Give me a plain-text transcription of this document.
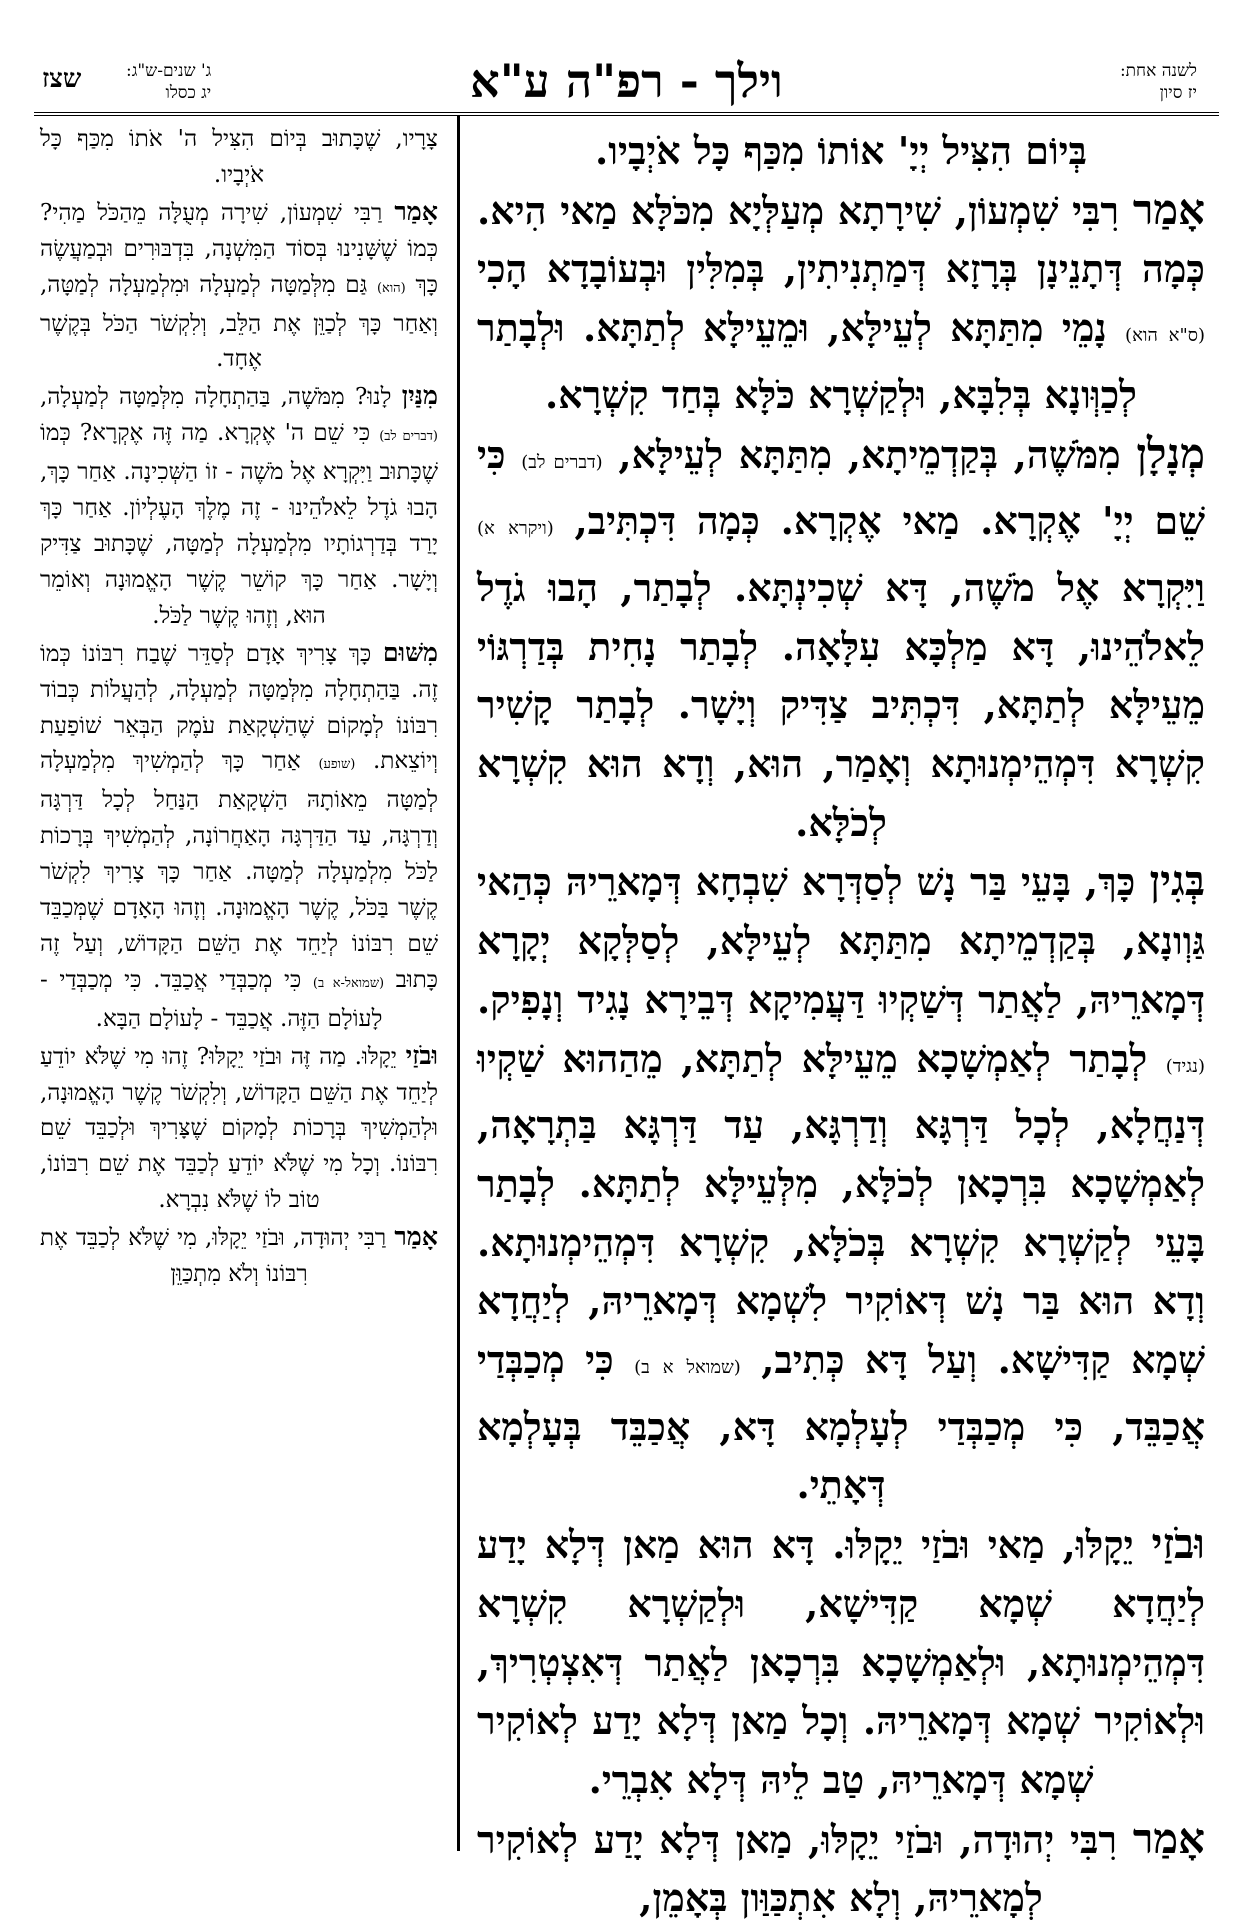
לשנה אחת:
יז סיון
וילך - רפ"ה ע"א
ג' שנים-ש"ג:
יג כסלו
שצז
בְּיוֹם הִצִּיל יְיָ' אוֹתוֹ מִכַּף כָּל אֹיְבָיו.
אָמַר רִבִּי שִׁמְעוֹן, שִׁירָתָא מְעַלְּיָא מִכֹּלָּא מַאי הִיא. כְּמָה דְּתָנֵינָן בְּרָזָא דְּמַתְנִיתִין, בְּמִלִּין וּבְעוֹבָדָא הָכִי (ס"א הוא) נָמֵי מִתַּתָּא לְעֵילָּא, וּמֵעֵילָּא לְתַתָּא. וּלְבָתַר לְכַוְּונָא בְּלִבָּא, וּלְקַשְׁרָא כֹּלָּא בְּחַד קִשְׁרָא.
מְנָלָן מִמֹּשֶׁה, בְּקַדְמֵיתָא, מִתַּתָּא לְעֵילָּא, (דברים לב) כִּי שֵׁם יְיָ' אֶקְרָא. מַאי אֶקְרָא. כְּמָה דִּכְתִּיב, (ויקרא א) וַיִּקְרָא אֶל מֹשֶׁה, דָּא שְׁכִינְתָּא. לְבָתַר, הָבוּ גֹדֶל לֵאלֹהֵינוּ, דָּא מַלְכָּא עִלָּאָה. לְבָתַר נָחִית בְּדַרְגּוֹי מֵעֵילָּא לְתַתָּא, דִּכְתִּיב צַדִּיק וְיָשָׁר. לְבָתַר קָשִׁיר קִשְׁרָא דִּמְהֵימְנוּתָא וְאָמַר, הוּא, וְדָא הוּא קִשְׁרָא לְכֹלָּא.
בְּגִין כָּךְ, בָּעֵי בַּר נָשׁ לְסַדְּרָא שִׁבְחָא דְּמָארֵיהּ כְּהַאי גַּוְונָא, בְּקַדְמֵיתָא מִתַּתָּא לְעֵילָּא, לְסַלְּקָא יְקָרָא דְּמָארֵיהּ, לַאֲתַר דְּשַׁקְיוּ דַּעֲמִיקָא דְּבֵירָא נָגִיד וְנָפִיק. (נגיד) לְבָתַר לְאַמְשָׁכָא מֵעֵילָּא לְתַתָּא, מֵהַהוּא שַׁקְיוּ דְּנַחֲלָא, לְכָל דַּרְגָּא וְדַרְגָּא, עַד דַּרְגָּא בַּתְרָאָה, לְאַמְשָׁכָא בִּרְכָאן לְכֹלָּא, מִלְּעֵילָּא לְתַתָּא. לְבָתַר בָּעֵי לְקַשְׁרָא קִשְׁרָא בְּכֹלָּא, קִשְׁרָא דִּמְהֵימְנוּתָא. וְדָא הוּא בַּר נָשׁ דְּאוֹקִיר לִשְׁמָא דְּמָארֵיהּ, לְיַחֲדָא שְׁמָא קַדִּישָׁא. וְעַל דָּא כְּתִיב, (שמואל א ב) כִּי מְכַבְּדַי אֲכַבֵּד, כִּי מְכַבְּדַי לְעָלְמָא דָּא, אֲכַבֵּד בְּעָלְמָא דְּאָתֵי.
וּבֹזַי יֵקָלּוּ, מַאי וּבֹזַי יֵקָלּוּ. דָּא הוּא מַאן דְּלָא יָדַע לְיַחֲדָא שְׁמָא קַדִּישָׁא, וּלְקַשְׁרָא קִשְׁרָא דִּמְהֵימְנוּתָא, וּלְאַמְשָׁכָא בִּרְכָאן לַאֲתַר דְּאִצְטְרִיךְ, וּלְאוֹקִיר שְׁמָא דְּמָארֵיהּ. וְכָל מַאן דְּלָא יָדַע לְאוֹקִיר שְׁמָא דְּמָארֵיהּ, טַב לֵיהּ דְּלָא אִבְרֵי.
אָמַר רִבִּי יְהוּדָה, וּבֹזַי יֵקָלּוּ, מַאן דְּלָא יָדַע לְאוֹקִיר לְמָארֵיהּ, וְלָא אִתְכַּוַּון בְּאָמֵן,
צָרָיו, שֶׁכָּתוּב בְּיוֹם הִצִּיל ה' אֹתוֹ מִכַּף כָּל אֹיְבָיו.
אָמַר רַבִּי שִׁמְעוֹן, שִׁירָה מְעֻלָּה מֵהַכֹּל מַהִי? כְּמוֹ שֶׁשָּׁנִינוּ בְּסוֹד הַמִּשְׁנָה, בִּדְבּוּרִים וּבְמַעֲשֶׂה כָּךְ (הוא) גַּם מִלְּמַטָּה לְמַעְלָה וּמִלְמַעְלָה לְמַטָּה, וְאַחַר כָּךְ לְכַוֵּן אֶת הַלֵּב, וְלִקְשֹׁר הַכֹּל בְּקֶשֶׁר אֶחָד.
מִנַּיִן לָנוּ? מִמֹּשֶׁה, בַּהַתְחָלָה מִלְּמַטָּה לְמַעְלָה, (דברים לב) כִּי שֵׁם ה' אֶקְרָא. מַה זֶּה אֶקְרָא? כְּמוֹ שֶׁכָּתוּב וַיִּקְרָא אֶל מֹשֶׁה - זוֹ הַשְּׁכִינָה. אַחַר כָּךְ, הָבוּ גֹדֶל לֵאלֹהֵינוּ - זֶה מֶלֶךְ הָעֶלְיוֹן. אַחַר כָּךְ יָרַד בְּדַרְגוֹתָיו מִלְמַעְלָה לְמַטָּה, שֶׁכָּתוּב צַדִּיק וְיָשָׁר. אַחַר כָּךְ קוֹשֵׁר קֶשֶׁר הָאֱמוּנָה וְאוֹמֵר הוּא, וְזֶהוּ קֶשֶׁר לַכֹּל.
מִשּׁוּם כָּךְ צָרִיךְ אָדָם לְסַדֵּר שֶׁבַח רִבּוֹנוֹ כְּמוֹ זֶה. בַּהַתְחָלָה מִלְּמַטָּה לְמַעְלָה, לְהַעֲלוֹת כְּבוֹד רִבּוֹנוֹ לְמָקוֹם שֶׁהַשְׁקָאַת עֹמֶק הַבְּאֵר שׁוֹפַעַת וְיוֹצֵאת. (שופע) אַחַר כָּךְ לְהַמְשִׁיךְ מִלְמַעְלָה לְמַטָּה מֵאוֹתָהּ הַשְׁקָאַת הַנַּחַל לְכָל דַּרְגָּה וְדַרְגָּה, עַד הַדַּרְגָּה הָאַחֲרוֹנָה, לְהַמְשִׁיךְ בְּרָכוֹת לַכֹּל מִלְמַעְלָה לְמַטָּה. אַחַר כָּךְ צָרִיךְ לִקְשֹׁר קֶשֶׁר בַּכֹּל, קֶשֶׁר הָאֱמוּנָה. וְזֶהוּ הָאָדָם שֶׁמְּכַבֵּד שֵׁם רִבּוֹנוֹ לְיַחֵד אֶת הַשֵּׁם הַקָּדוֹשׁ, וְעַל זֶה כָּתוּב (שמואל-א ב) כִּי מְכַבְּדַי אֲכַבֵּד. כִּי מְכַבְּדַי - לָעוֹלָם הַזֶּה. אֲכַבֵּד - לָעוֹלָם הַבָּא.
וּבֹזַי יֵקָלּוּ. מַה זֶּה וּבֹזַי יֵקָלּוּ? זֶהוּ מִי שֶׁלֹּא יוֹדֵעַ לְיַחֵד אֶת הַשֵּׁם הַקָּדוֹשׁ, וְלִקְשֹׁר קֶשֶׁר הָאֱמוּנָה, וּלְהַמְשִׁיךְ בְּרָכוֹת לְמָקוֹם שֶׁצָּרִיךְ וּלְכַבֵּד שֵׁם רִבּוֹנוֹ. וְכָל מִי שֶׁלֹּא יוֹדֵעַ לְכַבֵּד אֶת שֵׁם רִבּוֹנוֹ, טוֹב לוֹ שֶׁלֹּא נִבְרָא.
אָמַר רַבִּי יְהוּדָה, וּבֹזַי יֵקָלּוּ, מִי שֶׁלֹּא לְכַבֵּד אֶת רִבּוֹנוֹ וְלֹא מִתְכַּוֵּן
